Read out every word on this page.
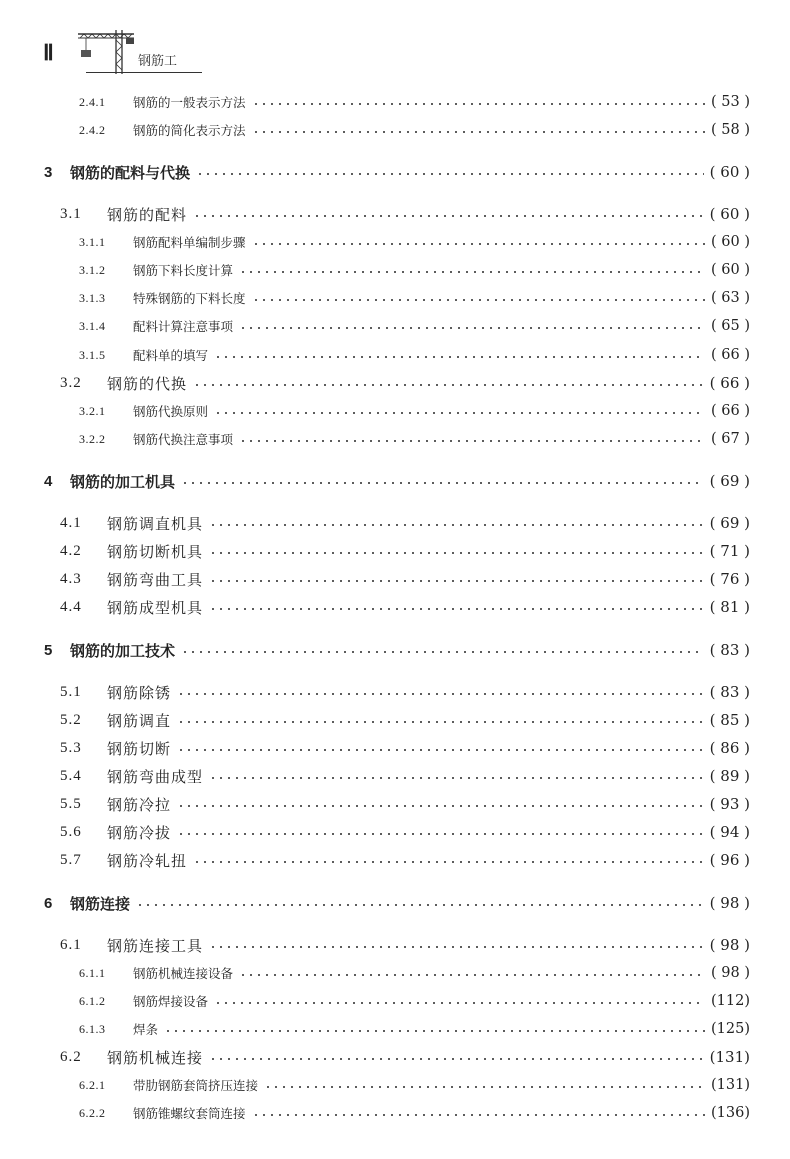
Ⅱ	钢筋工
2.4.1	钢筋的一般表示方法	( 53 )
2.4.2	钢筋的简化表示方法	( 58 )
3	钢筋的配料与代换	( 60 )
3.1	钢筋的配料	( 60 )
3.1.1	钢筋配料单编制步骤	( 60 )
3.1.2	钢筋下料长度计算	( 60 )
3.1.3	特殊钢筋的下料长度	( 63 )
3.1.4	配料计算注意事项	( 65 )
3.1.5	配料单的填写	( 66 )
3.2	钢筋的代换	( 66 )
3.2.1	钢筋代换原则	( 66 )
3.2.2	钢筋代换注意事项	( 67 )
4	钢筋的加工机具	( 69 )
4.1	钢筋调直机具	( 69 )
4.2	钢筋切断机具	( 71 )
4.3	钢筋弯曲工具	( 76 )
4.4	钢筋成型机具	( 81 )
5	钢筋的加工技术	( 83 )
5.1	钢筋除锈	( 83 )
5.2	钢筋调直	( 85 )
5.3	钢筋切断	( 86 )
5.4	钢筋弯曲成型	( 89 )
5.5	钢筋冷拉	( 93 )
5.6	钢筋冷拔	( 94 )
5.7	钢筋冷轧扭	( 96 )
6	钢筋连接	( 98 )
6.1	钢筋连接工具	( 98 )
6.1.1	钢筋机械连接设备	( 98 )
6.1.2	钢筋焊接设备	(112)
6.1.3	焊条	(125)
6.2	钢筋机械连接	(131)
6.2.1	带肋钢筋套筒挤压连接	(131)
6.2.2	钢筋锥螺纹套筒连接	(136)
